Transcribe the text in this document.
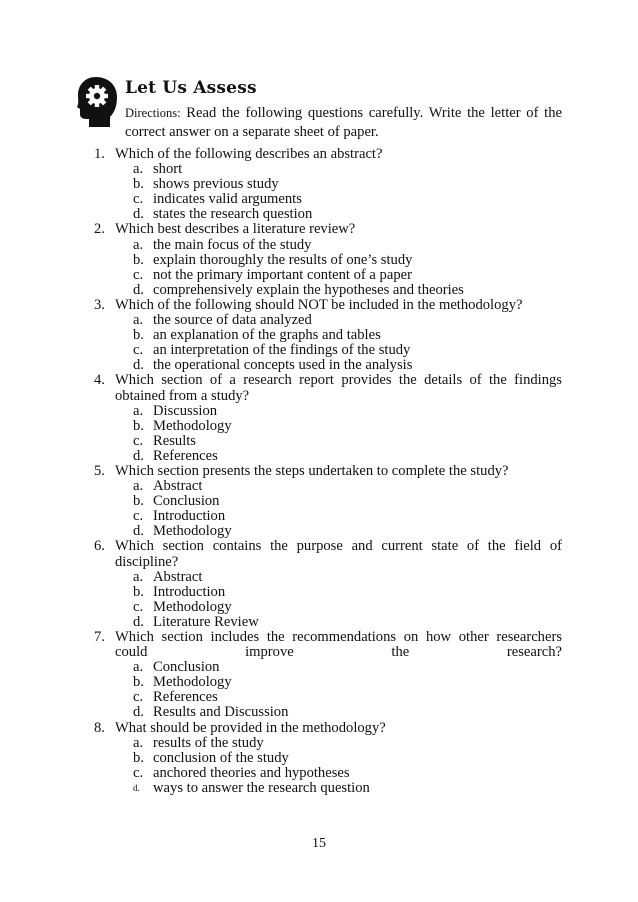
Let Us Assess
Directions: Read the following questions carefully. Write the letter of the correct answer on a separate sheet of paper.
1. Which of the following describes an abstract?
a. short
b. shows previous study
c. indicates valid arguments
d. states the research question
2. Which best describes a literature review?
a. the main focus of the study
b. explain thoroughly the results of one’s study
c. not the primary important content of a paper
d. comprehensively explain the hypotheses and theories
3. Which of the following should NOT be included in the methodology?
a. the source of data analyzed
b. an explanation of the graphs and tables
c. an interpretation of the findings of the study
d. the operational concepts used in the analysis
4. Which section of a research report provides the details of the findings obtained from a study?
a. Discussion
b. Methodology
c. Results
d. References
5. Which section presents the steps undertaken to complete the study?
a. Abstract
b. Conclusion
c. Introduction
d. Methodology
6. Which section contains the purpose and current state of the field of discipline?
a. Abstract
b. Introduction
c. Methodology
d. Literature Review
7. Which section includes the recommendations on how other researchers could improve the research?
a. Conclusion
b. Methodology
c. References
d. Results and Discussion
8. What should be provided in the methodology?
a. results of the study
b. conclusion of the study
c. anchored theories and hypotheses
d. ways to answer the research question
15
